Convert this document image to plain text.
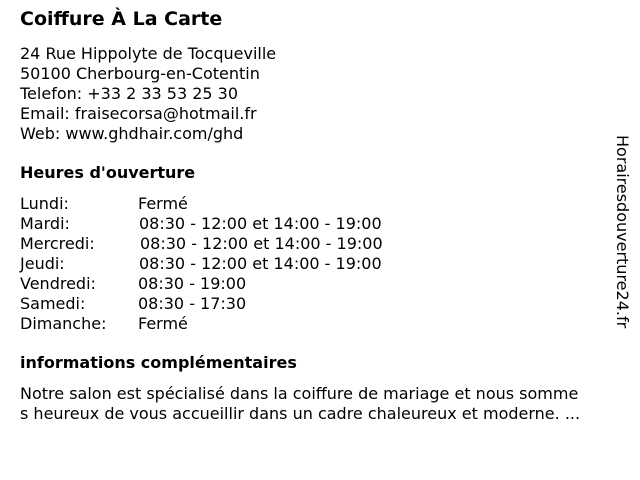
Coiffure À La Carte
24 Rue Hippolyte de Tocqueville
50100 Cherbourg-en-Cotentin
Telefon: +33 2 33 53 25 30
Email: fraisecorsa@hotmail.fr
Web: www.ghdhair.com/ghd
Heures d'ouverture
Lundi:	Fermé
Mardi:	08:30 - 12:00 et 14:00 - 19:00
Mercredi:	08:30 - 12:00 et 14:00 - 19:00
Jeudi:	08:30 - 12:00 et 14:00 - 19:00
Vendredi:	08:30 - 19:00
Samedi:	08:30 - 17:30
Dimanche: Fermé
informations complémentaires
Notre salon est spécialisé dans la coiffure de mariage et nous somme
s heureux de vous accueillir dans un cadre chaleureux et moderne. ...
Horairesdouverture24.fr
